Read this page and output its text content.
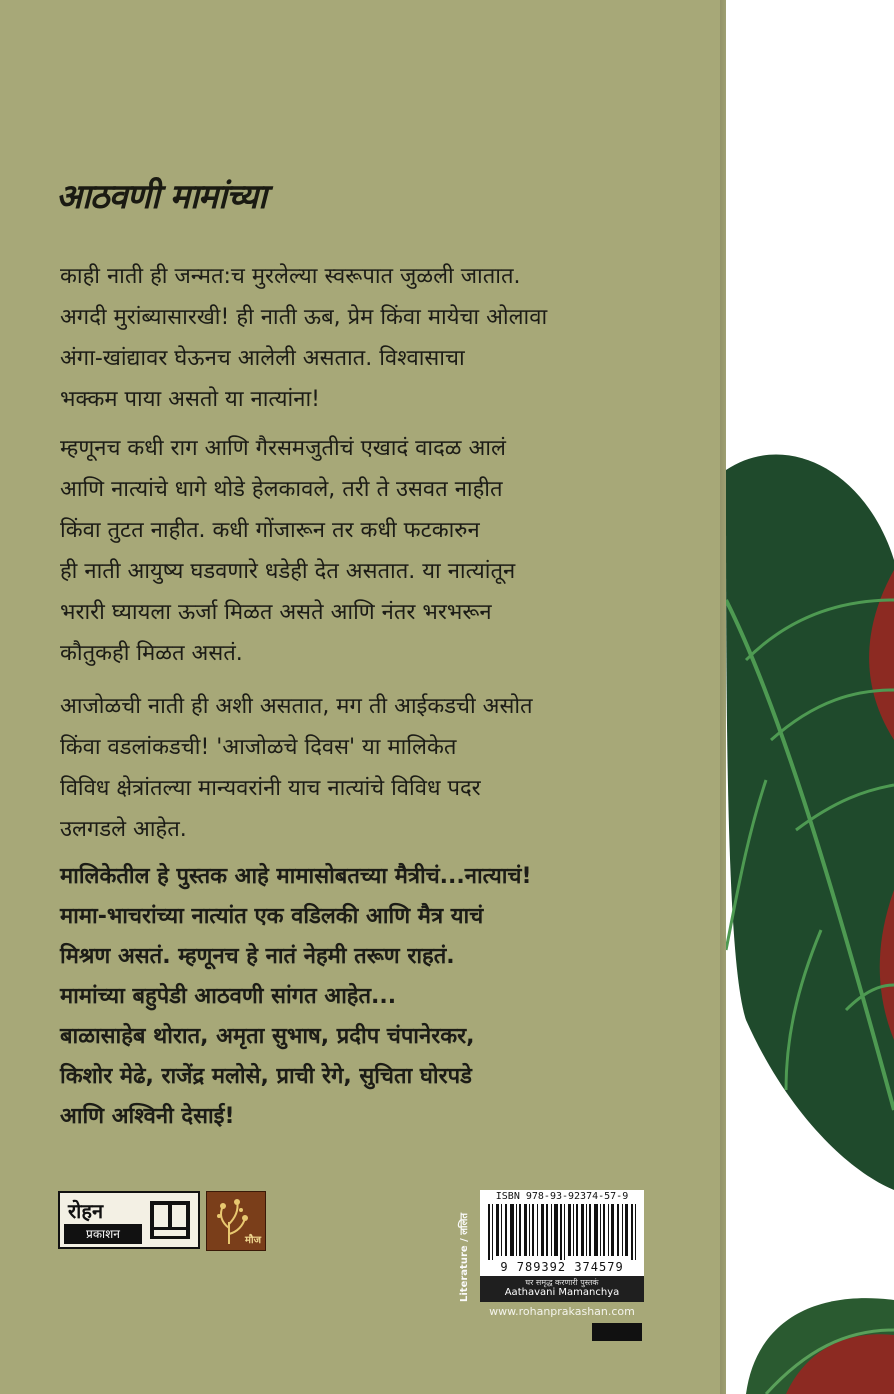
आठवणी मामांच्या
काही नाती ही जन्मत:च मुरलेल्या स्वरूपात जुळली जातात.
अगदी मुरांब्यासारखी! ही नाती ऊब, प्रेम किंवा मायेचा ओलावा
अंगा-खांद्यावर घेऊनच आलेली असतात. विश्वासाचा
भक्कम पाया असतो या नात्यांना!
म्हणूनच कधी राग आणि गैरसमजुतीचं एखादं वादळ आलं
आणि नात्यांचे धागे थोडे हेलकावले, तरी ते उसवत नाहीत
किंवा तुटत नाहीत. कधी गोंजारून तर कधी फटकारुन
ही नाती आयुष्य घडवणारे धडेही देत असतात. या नात्यांतून
भरारी घ्यायला ऊर्जा मिळत असते आणि नंतर भरभरून
कौतुकही मिळत असतं.
आजोळची नाती ही अशी असतात, मग ती आईकडची असोत
किंवा वडलांकडची! 'आजोळचे दिवस' या मालिकेत
विविध क्षेत्रांतल्या मान्यवरांनी याच नात्यांचे विविध पदर
उलगडले आहेत.
मालिकेतील हे पुस्तक आहे मामासोबतच्या मैत्रीचं...नात्याचं!
मामा-भाचरांच्या नात्यांत एक वडिलकी आणि मैत्र याचं
मिश्रण असतं. म्हणूनच हे नातं नेहमी तरूण राहतं.
मामांच्या बहुपेडी आठवणी सांगत आहेत...
बाळासाहेब थोरात, अमृता सुभाष, प्रदीप चंपानेरकर,
किशोर मेढे, राजेंद्र मलोसे, प्राची रेगे, सुचिता घोरपडे
आणि अश्विनी देसाई!
रोहन
प्रकाशन	मौज	Literature / ललित
ISBN 978-93-92374-57-9
9 789392 374579
घर समृद्ध करणारी पुस्तकं
Aathavani Mamanchya
www.rohanprakashan.com
